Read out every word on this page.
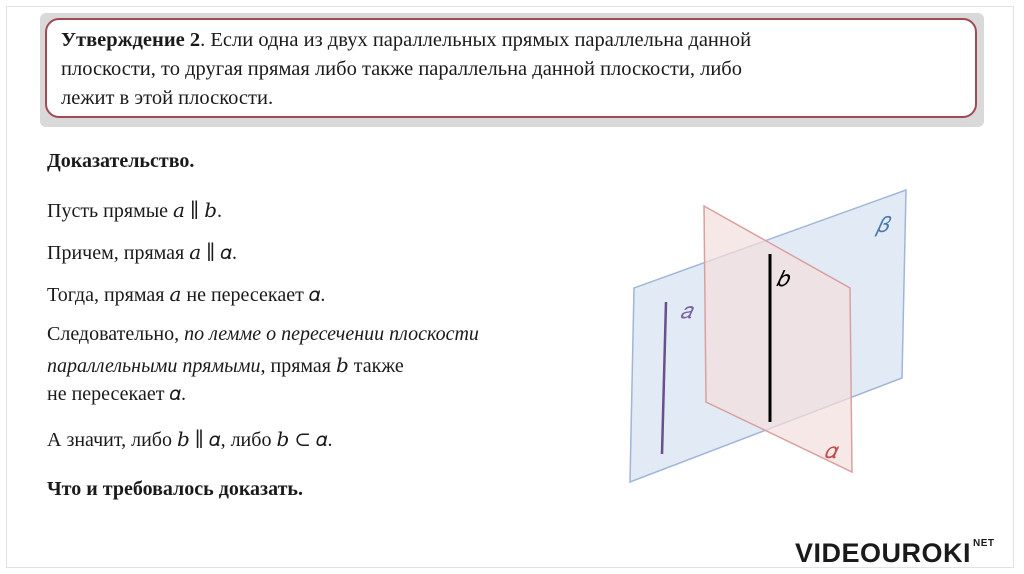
Утверждение 2. Если одна из двух параллельных прямых параллельна данной
плоскости, то другая прямая либо также параллельна данной плоскости, либо
лежит в этой плоскости.
Доказательство.
Пусть прямые 𝑎 ∥ 𝑏.
Причем, прямая 𝑎 ∥ 𝛼.
Тогда, прямая 𝑎 не пересекает 𝛼.
Следовательно, по лемме о пересечении плоскости
параллельными прямыми, прямая 𝑏 также
не пересекает 𝛼.
А значит, либо 𝑏 ∥ 𝛼, либо 𝑏 ⊂ 𝛼.
Что и требовалось доказать.
𝛽
𝑏
𝑎
𝛼
VIDEOUROKI $^{NET}$
